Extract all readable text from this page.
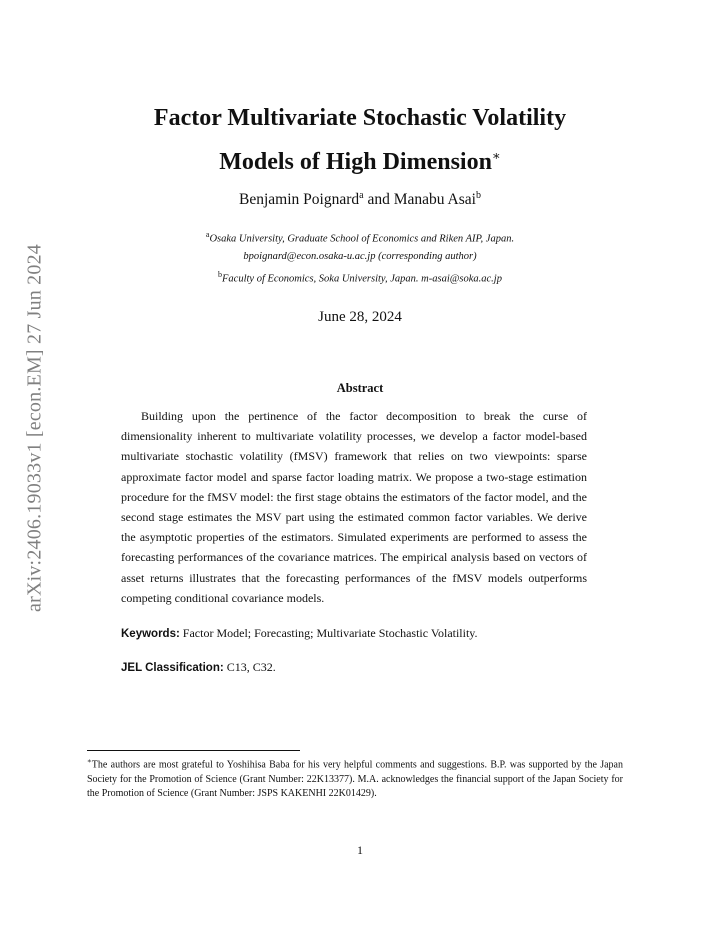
arXiv:2406.19033v1 [econ.EM] 27 Jun 2024
Factor Multivariate Stochastic Volatility
Models of High Dimension∗
Benjamin Poignard$^a$ and Manabu Asai$^b$
$^a$Osaka University, Graduate School of Economics and Riken AIP, Japan.
bpoignard@econ.osaka-u.ac.jp (corresponding author)
$^b$Faculty of Economics, Soka University, Japan. m-asai@soka.ac.jp
June 28, 2024
Abstract
Building upon the pertinence of the factor decomposition to break the curse of dimensionality inherent to multivariate volatility processes, we develop a factor model-based multivariate stochastic volatility (fMSV) framework that relies on two viewpoints: sparse approximate factor model and sparse factor loading matrix. We propose a two-stage estimation procedure for the fMSV model: the first stage obtains the estimators of the factor model, and the second stage estimates the MSV part using the estimated common factor variables. We derive the asymptotic properties of the estimators. Simulated experiments are performed to assess the forecasting performances of the covariance matrices. The empirical analysis based on vectors of asset returns illustrates that the forecasting performances of the fMSV models outperforms competing conditional covariance models.
Keywords: Factor Model; Forecasting; Multivariate Stochastic Volatility.
JEL Classification: C13, C32.
∗The authors are most grateful to Yoshihisa Baba for his very helpful comments and suggestions. B.P. was supported by the Japan Society for the Promotion of Science (Grant Number: 22K13377). M.A. acknowledges the financial support of the Japan Society for the Promotion of Science (Grant Number: JSPS KAKENHI 22K01429).
1
